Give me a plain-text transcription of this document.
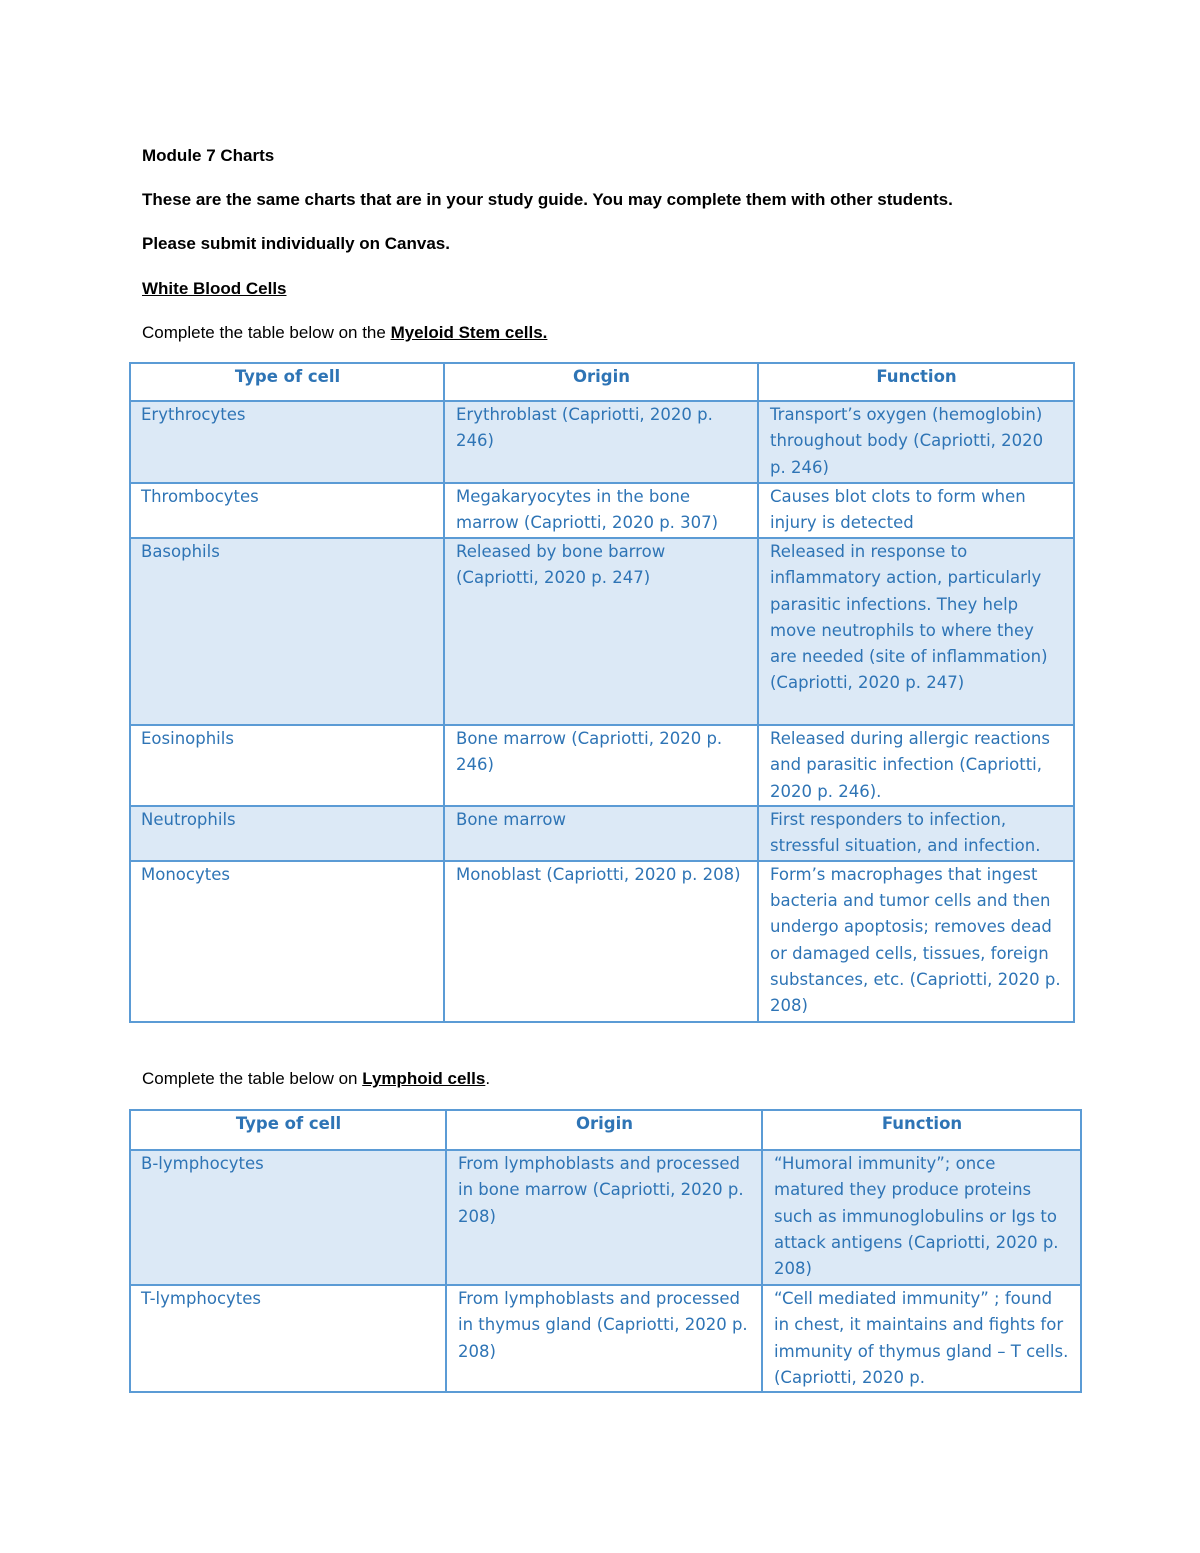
Module 7 Charts
These are the same charts that are in your study guide. You may complete them with other students.
Please submit individually on Canvas.
White Blood Cells
Complete the table below on the Myeloid Stem cells.
Type of cell	Origin	Function
Erythrocytes	Erythroblast (Capriotti, 2020 p. 246)	Transport’s oxygen (hemoglobin) throughout body (Capriotti, 2020 p. 246)
Thrombocytes	Megakaryocytes in the bone marrow (Capriotti, 2020 p. 307)	Causes blot clots to form when injury is detected
Basophils	Released by bone barrow (Capriotti, 2020 p. 247)	Released in response to inflammatory action, particularly parasitic infections. They help move neutrophils to where they are needed (site of inflammation) (Capriotti, 2020 p. 247)
Eosinophils	Bone marrow (Capriotti, 2020 p. 246)	Released during allergic reactions and parasitic infection (Capriotti, 2020 p. 246).
Neutrophils	Bone marrow	First responders to infection, stressful situation, and infection.
Monocytes	Monoblast (Capriotti, 2020 p. 208)	Form’s macrophages that ingest bacteria and tumor cells and then undergo apoptosis; removes dead or damaged cells, tissues, foreign substances, etc. (Capriotti, 2020 p. 208)
Complete the table below on Lymphoid cells.
Type of cell	Origin	Function
B-lymphocytes	From lymphoblasts and processed in bone marrow (Capriotti, 2020 p. 208)	“Humoral immunity”; once matured they produce proteins such as immunoglobulins or Igs to attack antigens (Capriotti, 2020 p. 208)
T-lymphocytes	From lymphoblasts and processed in thymus gland (Capriotti, 2020 p. 208)	“Cell mediated immunity” ; found in chest, it maintains and fights for immunity of thymus gland – T cells. (Capriotti, 2020 p.
